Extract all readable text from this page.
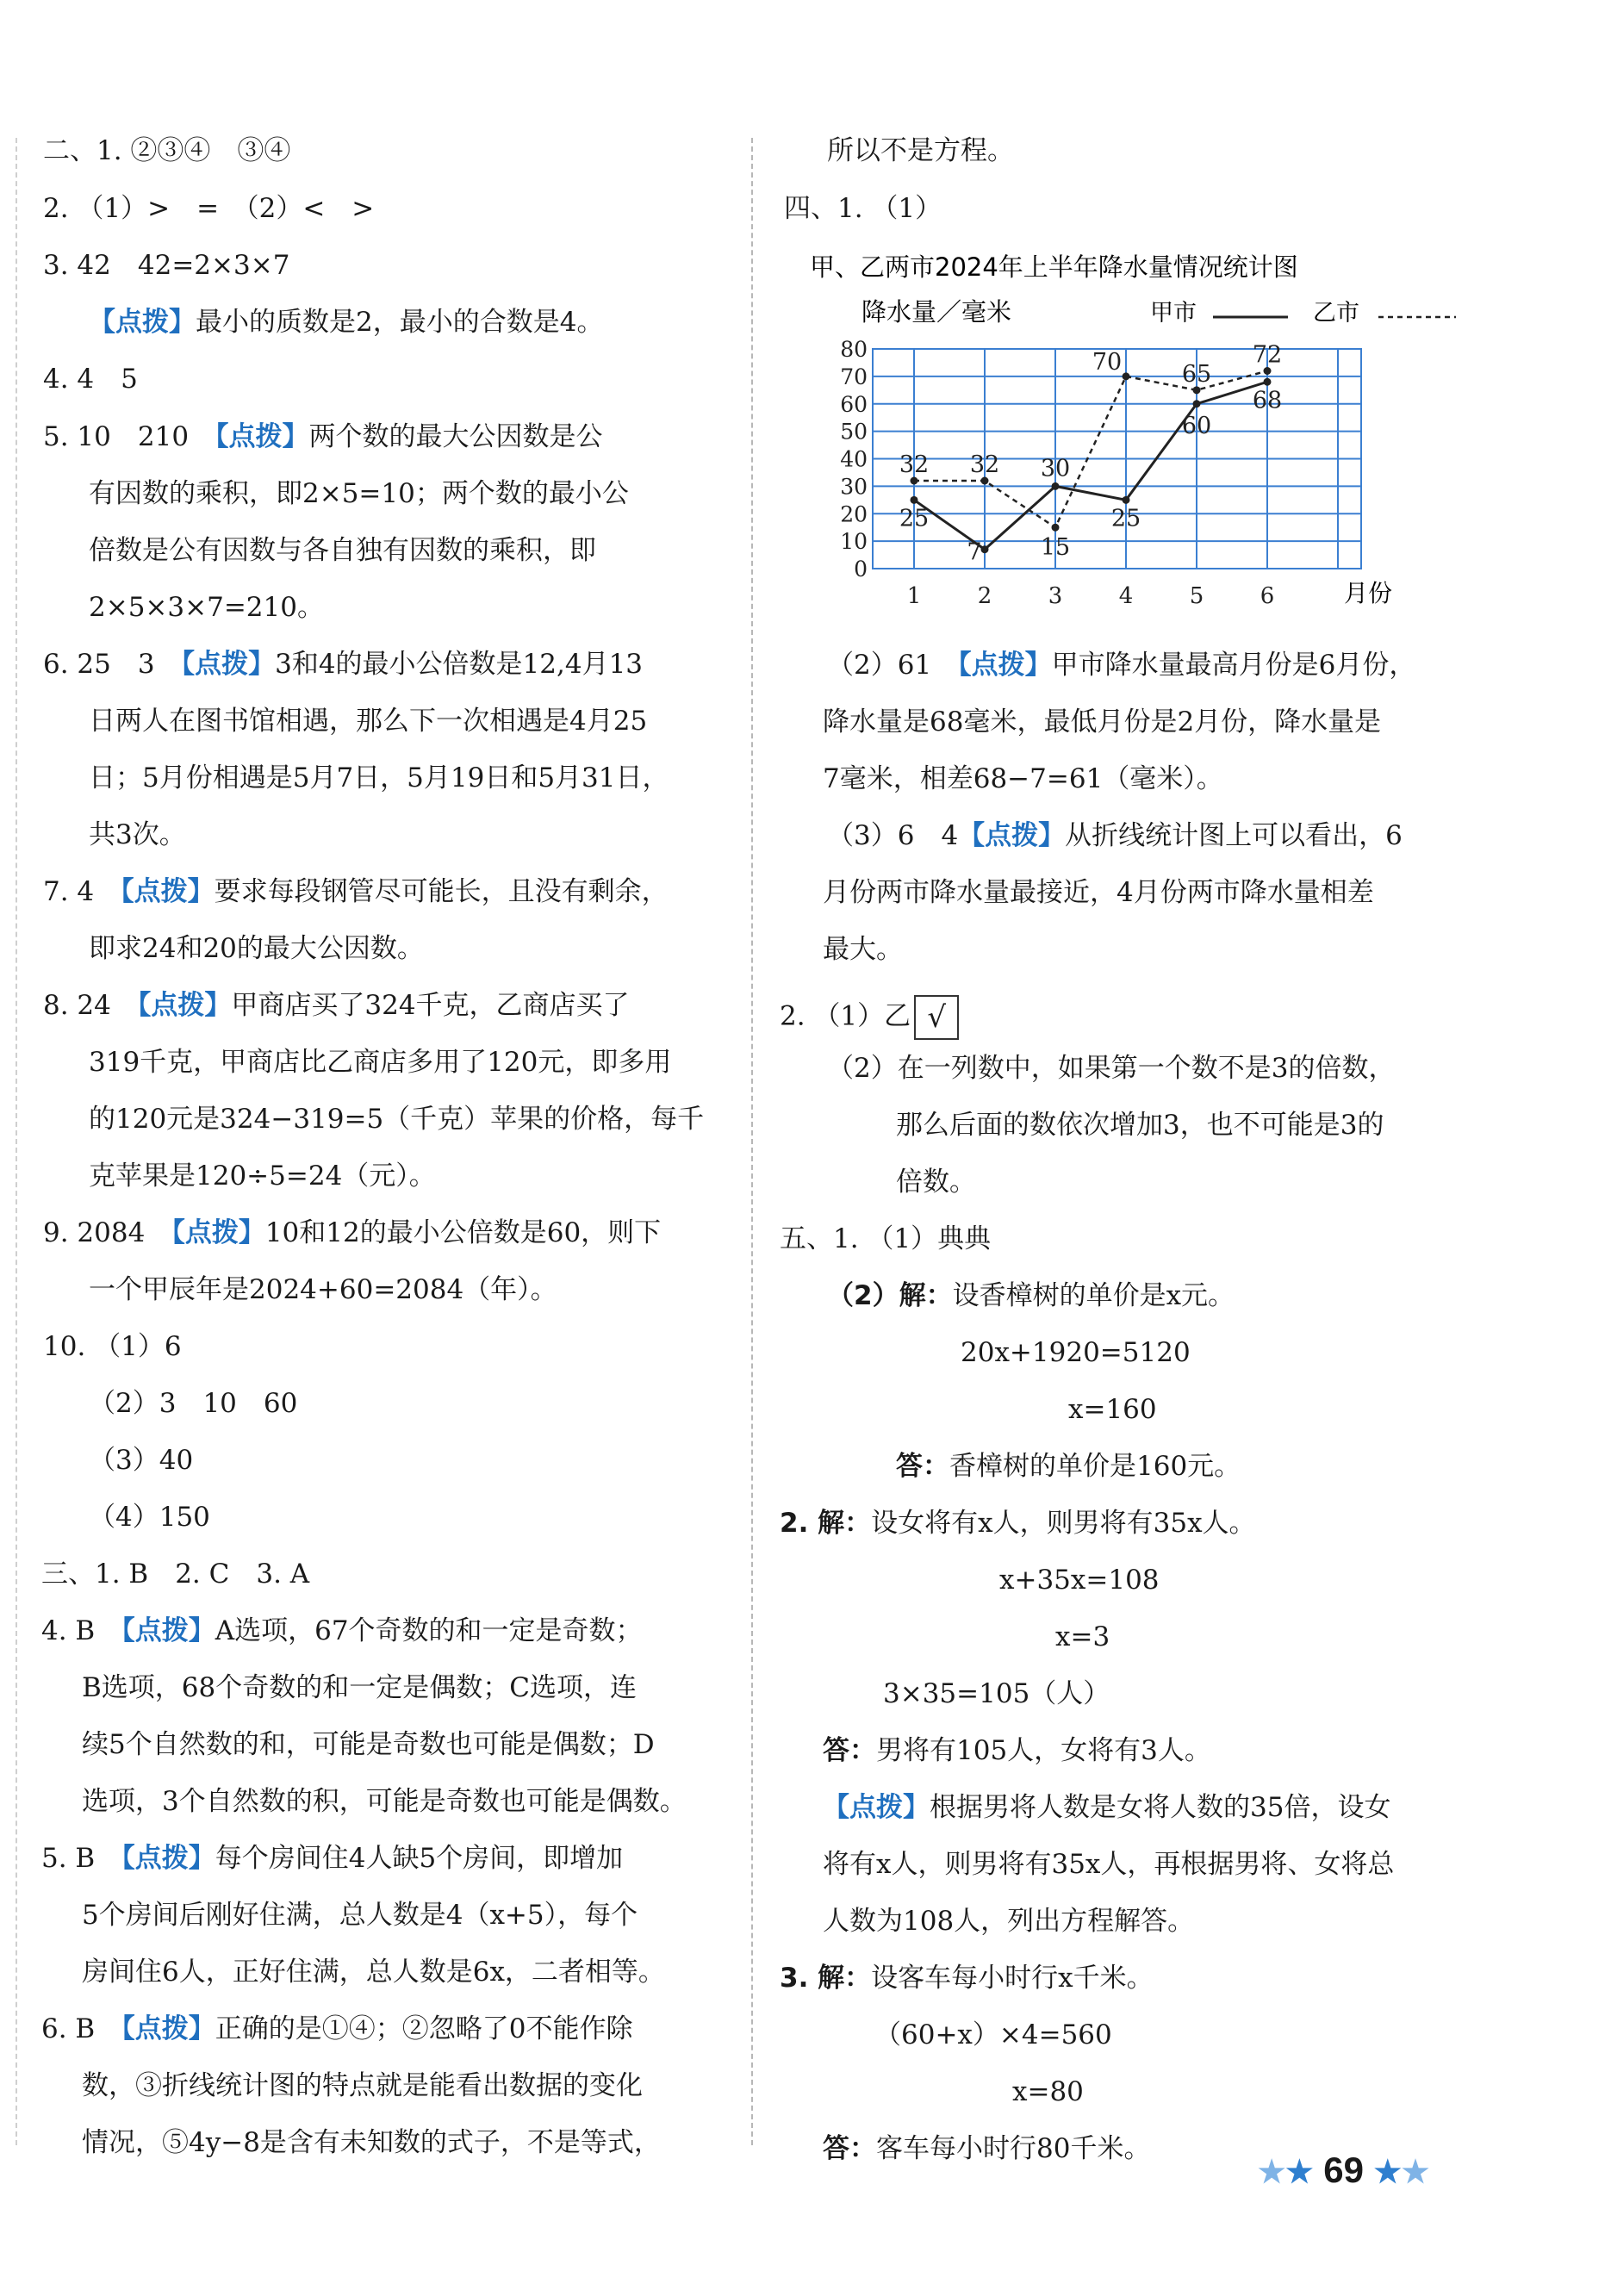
二、1. ②③④　③④
2. （1）>　=　（2）<　>
3. 42　42=2×3×7
【点拨】最小的质数是2，最小的合数是4。
4. 4　5
5. 10　210　【点拨】两个数的最大公因数是公
有因数的乘积，即2×5=10；两个数的最小公
倍数是公有因数与各自独有因数的乘积，即
2×5×3×7=210。
6. 25　3　【点拨】3和4的最小公倍数是12,4月13
日两人在图书馆相遇，那么下一次相遇是4月25
日；5月份相遇是5月7日，5月19日和5月31日，
共3次。
7. 4　【点拨】要求每段钢管尽可能长，且没有剩余，
即求24和20的最大公因数。
8. 24　【点拨】甲商店买了324千克，乙商店买了
319千克，甲商店比乙商店多用了120元，即多用
的120元是324−319=5（千克）苹果的价格，每千
克苹果是120÷5=24（元）。
9. 2084　【点拨】10和12的最小公倍数是60，则下
一个甲辰年是2024+60=2084（年）。
10. （1）6
（2）3　10　60
（3）40
（4）150
三、1. B　2. C　3. A
4. B　【点拨】A选项，67个奇数的和一定是奇数；
B选项，68个奇数的和一定是偶数；C选项，连
续5个自然数的和，可能是奇数也可能是偶数；D
选项，3个自然数的积，可能是奇数也可能是偶数。
5. B　【点拨】每个房间住4人缺5个房间，即增加
5个房间后刚好住满，总人数是4（x+5），每个
房间住6人，正好住满，总人数是6x，二者相等。
6. B　【点拨】正确的是①④；②忽略了0不能作除
数，③折线统计图的特点就是能看出数据的变化
情况，⑤4y−8是含有未知数的式子，不是等式，
所以不是方程。
四、1. （1）
（2）61　【点拨】甲市降水量最高月份是6月份，
降水量是68毫米，最低月份是2月份，降水量是
7毫米，相差68−7=61（毫米）。
（3）6　4【点拨】从折线统计图上可以看出，6
月份两市降水量最接近，4月份两市降水量相差
最大。
2. （1）乙 √
（2）在一列数中，如果第一个数不是3的倍数，
那么后面的数依次增加3，也不可能是3的
倍数。
五、1. （1）典典
（2）解：设香樟树的单价是x元。
20x+1920=5120
x=160
答：香樟树的单价是160元。
2. 解：设女将有x人，则男将有35x人。
x+35x=108
x=3
3×35=105（人）
答：男将有105人，女将有3人。
【点拨】根据男将人数是女将人数的35倍，设女
将有x人，则男将有35x人，再根据男将、女将总
人数为108人，列出方程解答。
3. 解：设客车每小时行x千米。
（60+x）×4=560
x=80
答：客车每小时行80千米。
甲、乙两市2024年上半年降水量情况统计图
降水量／毫米	甲市	乙市
0
10
20
30
40
50
60
70
80
1	2	3	4	5	6
25
7
30
25
60
68
32 32
15
70	65
72
月份
★★ 69 ★★
